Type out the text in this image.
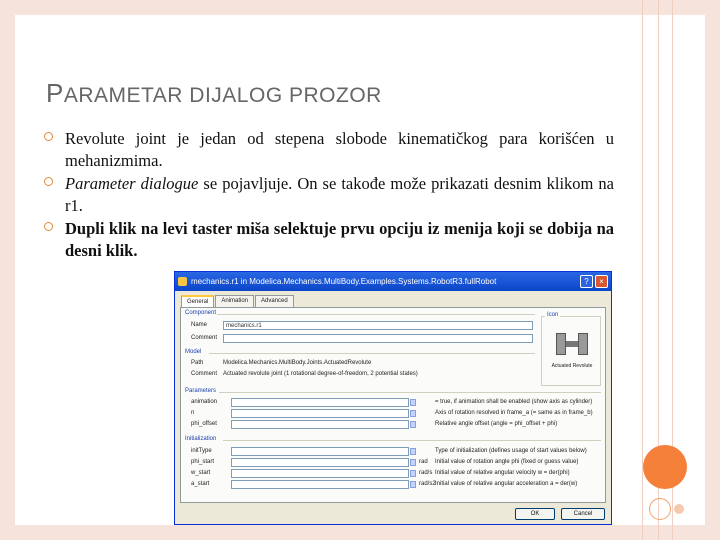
PARAMETAR DIJALOG PROZOR
Revolute joint je jedan od stepena slobode kinematičkog para korišćen u mehanizmima.
Parameter dialogue se pojavljuje. On se takođe može prikazati desnim klikom na r1.
Dupli klik na levi taster miša selektuje prvu opciju iz menija koji se dobija na desni klik.
mechanics.r1 in Modelica.Mechanics.MultiBody.Examples.Systems.RobotR3.fullRobot	?	×
General	Animation	Advanced
Component
Name	mechanics.r1
Comment
Icon
Actuated Revolute
Model
Path	Modelica.Mechanics.MultiBody.Joints.ActuatedRevolute
Comment Actuated revolute joint (1 rotational degree-of-freedom, 2 potential states)
Parameters
animation	= true, if animation shall be enabled (show axis as cylinder)
n	Axis of rotation resolved in frame_a (= same as in frame_b)
phi_offset	Relative angle offset (angle = phi_offset + phi)
Initialization
initType	Type of initialization (defines usage of start values below)
phi_start	rad Initial value of rotation angle phi (fixed or guess value)
w_start	rad/s Initial value of relative angular velocity w = der(phi)
a_start	rad/s2 Initial value of relative angular acceleration a = der(w)
OK	Cancel
